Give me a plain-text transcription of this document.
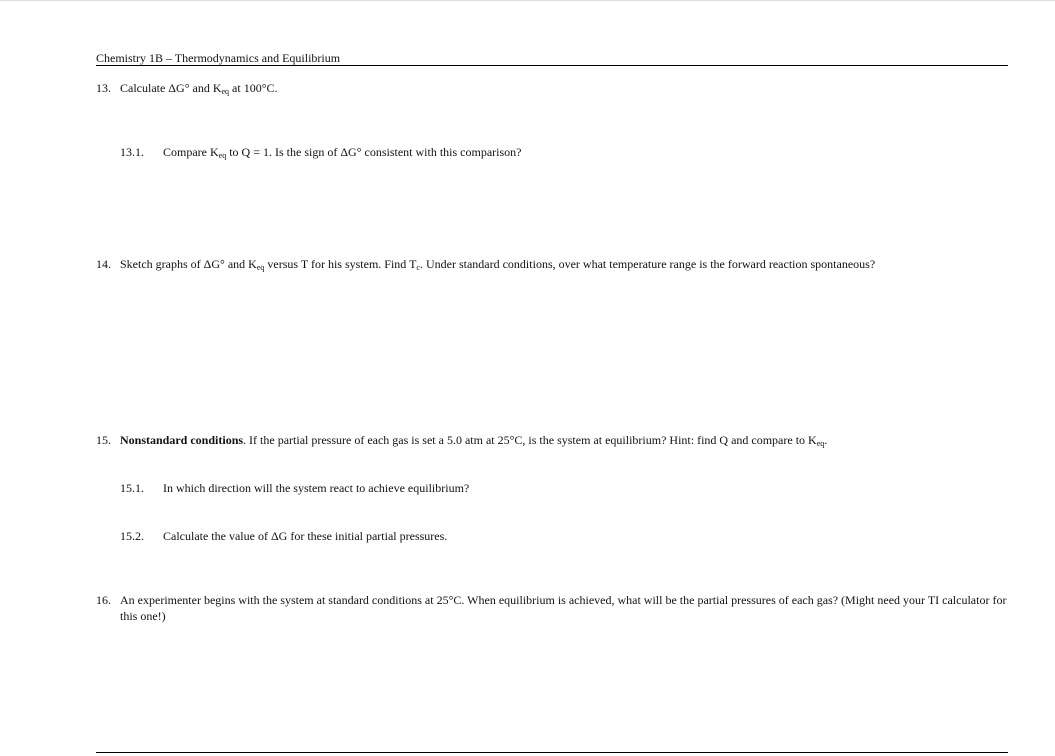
Chemistry 1B – Thermodynamics and Equilibrium
13. Calculate ΔG° and $K_{eq}$ at 100°C.
13.1. Compare $K_{eq}$ to Q = 1. Is the sign of ΔG° consistent with this comparison?
14. Sketch graphs of ΔG° and $K_{eq}$ versus T for his system. Find $T_c$. Under standard conditions, over what temperature range is the forward reaction spontaneous?
15. Nonstandard conditions. If the partial pressure of each gas is set a 5.0 atm at 25°C, is the system at equilibrium? Hint: find Q and compare to $K_{eq}$.
15.1. In which direction will the system react to achieve equilibrium?
15.2. Calculate the value of ΔG for these initial partial pressures.
16. An experimenter begins with the system at standard conditions at 25°C. When equilibrium is achieved, what will be the partial pressures of each gas? (Might need your TI calculator for this one!)
